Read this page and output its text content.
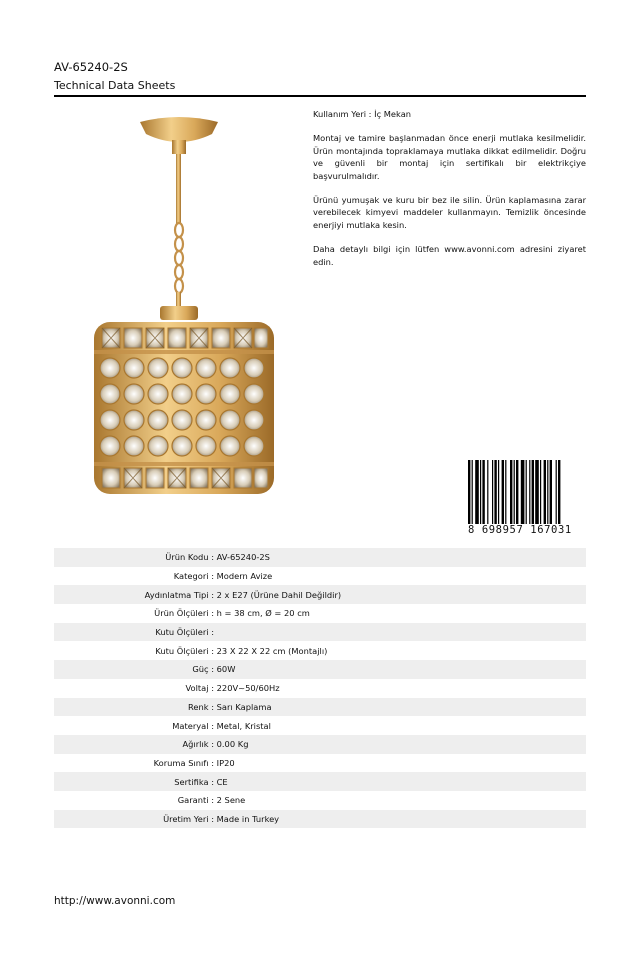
AV-65240-2S
Technical Data Sheets

Kullanım Yeri : İç Mekan

Montaj ve tamire başlanmadan önce enerji mutlaka kesilmelidir. Ürün montajında topraklamaya mutlaka dikkat edilmelidir. Doğru ve güvenli bir montaj için sertifikalı bir elektrikçiye başvurulmalıdır.

Ürünü yumuşak ve kuru bir bez ile silin. Ürün kaplamasına zarar verebilecek kimyevi maddeler kullanmayın. Temizlik öncesinde enerjiyi mutlaka kesin.

Daha detaylı bilgi için lütfen www.avonni.com adresini ziyaret edin.

8 698957 167031
Ürün Kodu :
AV-65240-2S
Kategori :
Modern Avize
Aydınlatma Tipi :
2 x E27 (Ürüne Dahil Değildir)
Ürün Ölçüleri :
h = 38 cm, Ø = 20 cm
Kutu Ölçüleri :

Kutu Ölçüleri :
23 X 22 X 22 cm (Montajlı)
Güç :
60W
Voltaj :
220V~50/60Hz
Renk :
Sarı Kaplama
Materyal :
Metal, Kristal
Ağırlık :
0.00 Kg
Koruma Sınıfı :
IP20
Sertifika :
CE
Garanti :
2 Sene
Üretim Yeri :
Made in Turkey
http://www.avonni.com
